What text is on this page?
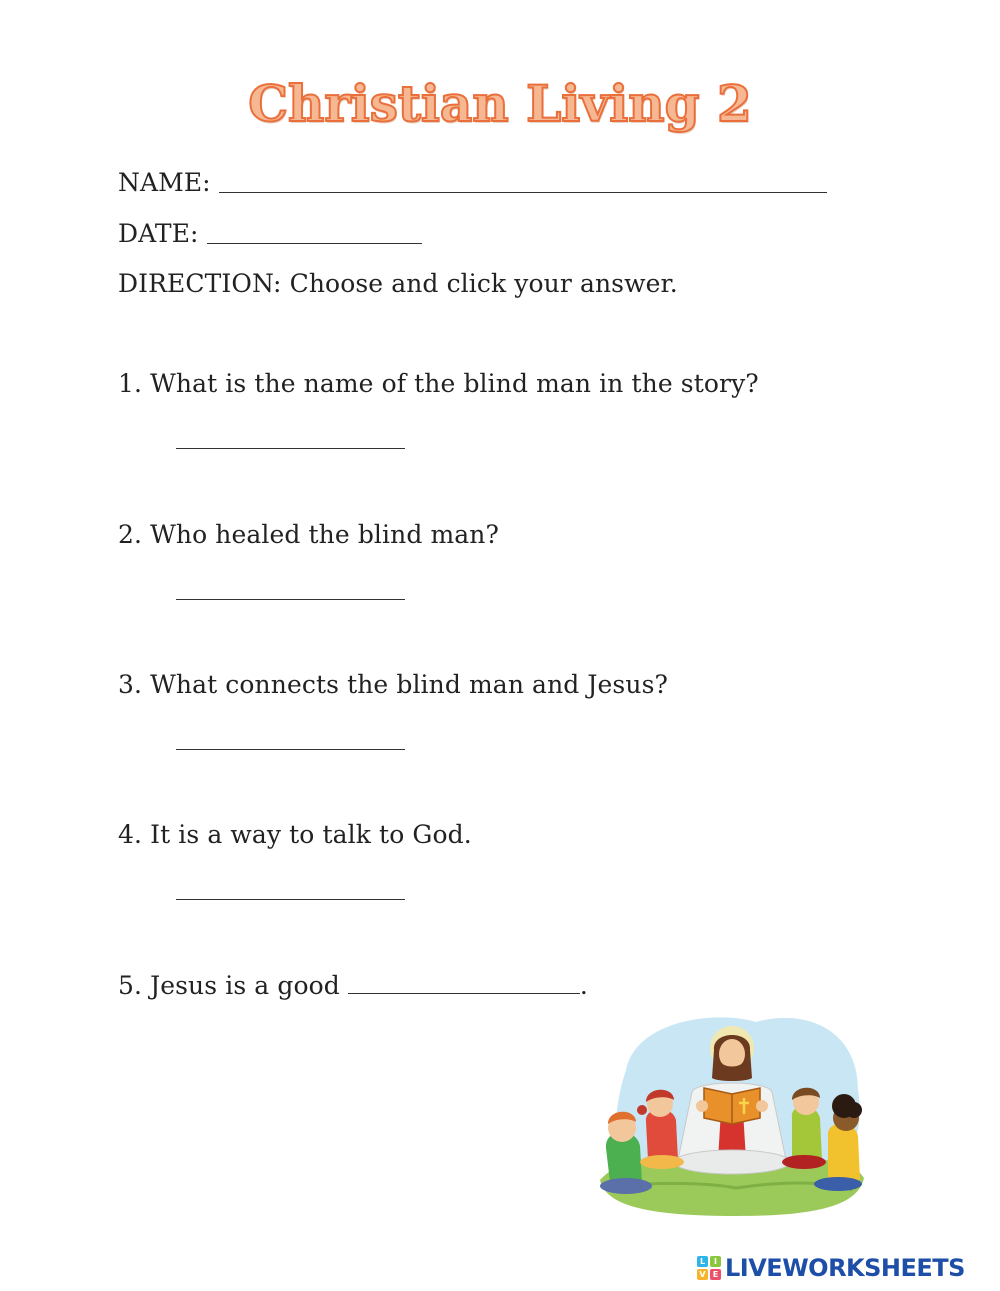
Christian Living 2
NAME:
DATE:
DIRECTION: Choose and click your answer.
1. What is the name of the blind man in the story?
2. Who healed the blind man?
3. What connects the blind man and Jesus?
4. It is a way to talk to God.
5. Jesus is a good	.
L	I
V E LIVEWORKSHEETS
